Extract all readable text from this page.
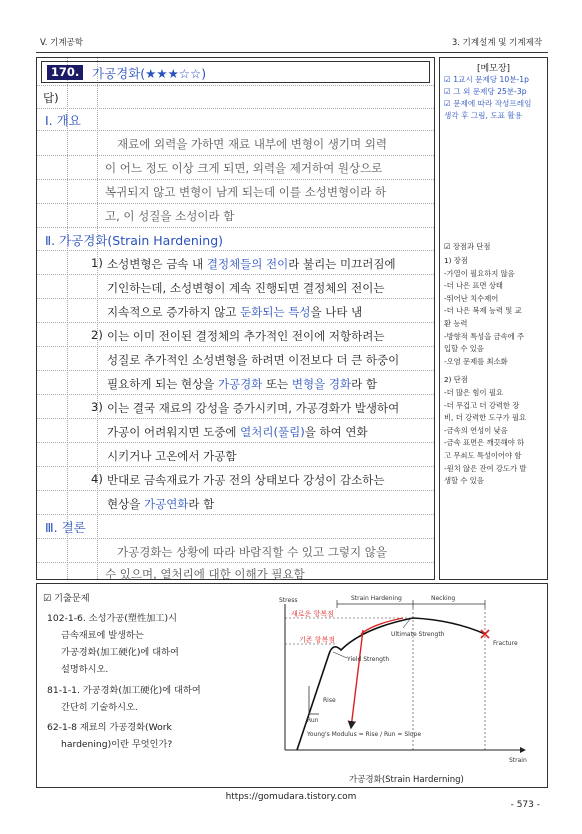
V. 기계공학	3. 기계설계 및 기계제작
170.	가공경화(★★★☆☆)
답)
Ⅰ. 개요
재료에 외력을 가하면 재료 내부에 변형이 생기며 외력
이 어느 정도 이상 크게 되면, 외력을 제거하여 원상으로
복귀되지 않고 변형이 남게 되는데 이를 소성변형이라 하
고, 이 성질을 소성이라 함
Ⅱ. 가공경화(Strain Hardening)
1) 소성변형은 금속 내 결정체들의 전이라 불리는 미끄러짐에
기인하는데, 소성변형이 계속 진행되면 결정체의 전이는
지속적으로 증가하지 않고 둔화되는 특성을 나타 냄
2) 이는 이미 전이된 결정체의 추가적인 전이에 저항하려는
성질로 추가적인 소성변형을 하려면 이전보다 더 큰 하중이
필요하게 되는 현상을 가공경화 또는 변형을 경화라 함
3) 이는 결국 재료의 강성을 증가시키며, 가공경화가 발생하여
가공이 어려워지면 도중에 열처리(풀림)을 하여 연화
시키거나 고온에서 가공함
4) 반대로 금속재료가 가공 전의 상태보다 강성이 감소하는
현상을 가공연화라 함
Ⅲ. 결론
가공경화는 상황에 따라 바람직할 수 있고 그렇지 않을
수 있으며, 열처리에 대한 이해가 필요함
[메모장]
☑ 1교시 문제당 10분-1p
☑ 그 외 문제당 25분-3p
☑ 문제에 따라 작성프레임
생각 후 그림, 도표 활용
☑ 장점과 단점
1) 장점
-가열이 필요하지 않음
-더 나은 표면 상태
-뛰어난 치수제어
-더 나은 복제 능력 및 교
환 능력
-방향적 특성을 금속에 주
입할 수 있음
-오염 문제를 최소화
2) 단점
-더 많은 힘이 필요
-더 무겁고 더 강력한 장
비, 더 강력한 도구가 필요
-금속의 연성이 낮음
-금속 표면은 깨끗해야 하
고 무쇠도 특성이어야 함
-원치 않은 잔여 강도가 발
생할 수 있음
☑ 기출문제
102-1-6. 소성가공(塑性加工)시
금속재료에 발생하는
가공경화(加工硬化)에 대하여
설명하시오.
81-1-1. 가공경화(加工硬化)에 대하여
간단히 기술하시오.
62-1-8 재료의 가공경화(Work
hardening)이란 무엇인가?
Stress
Strain
Strain Hardening	Necking
Fracture
새로운 항복점
기존 항복점
Ultimate Strength
Yield Strength
Rise
Run
Young's Modulus = Rise / Run = Slope
가공경화(Strain Harderning)
https://gomudara.tistory.com
- 573 -
